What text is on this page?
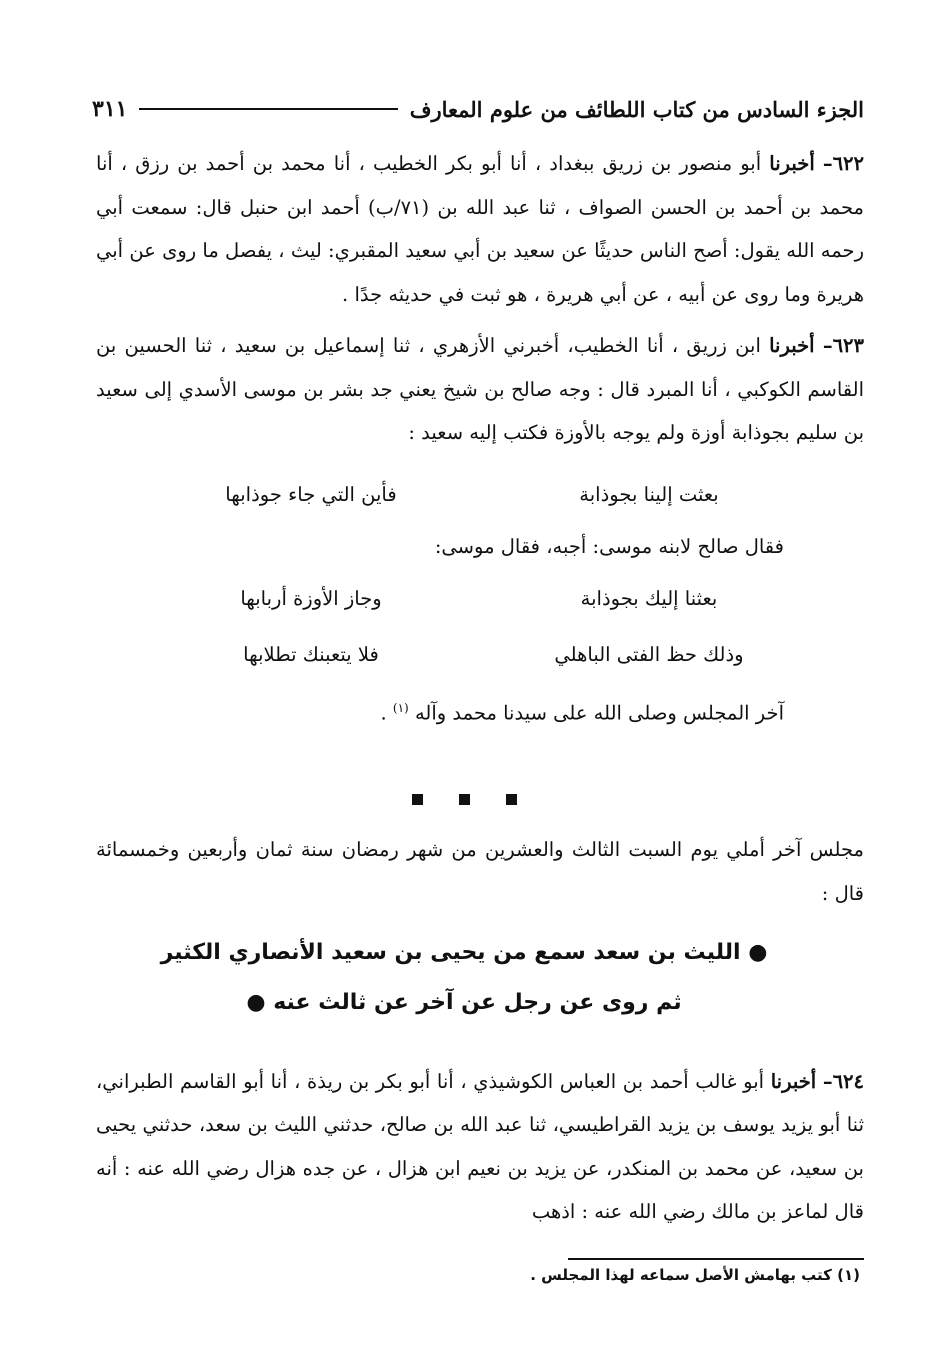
الجزء السادس من كتاب اللطائف من علوم المعارف
٣١١

٦٢٢– أخبرنا أبو منصور بن زريق ببغداد ، أنا أبو بكر الخطيب ، أنا محمد بن أحمد بن رزق ، أنا محمد بن أحمد بن الحسن الصواف ، ثنا عبد الله بن (٧١/ب) أحمد ابن حنبل قال: سمعت أبي رحمه الله يقول: أصح الناس حديثًا عن سعيد بن أبي سعيد المقبري: ليث ، يفصل ما روى عن أبي هريرة وما روى عن أبيه ، عن أبي هريرة ، هو ثبت في حديثه جدًا .

٦٢٣– أخبرنا ابن زريق ، أنا الخطيب، أخبرني الأزهري ، ثنا إسماعيل بن سعيد ، ثنا الحسين بن القاسم الكوكبي ، أنا المبرد قال : وجه صالح بن شيخ يعني جد بشر بن موسى الأسدي إلى سعيد بن سليم بجوذابة أوزة ولم يوجه بالأوزة فكتب إليه سعيد :

بعثت إلينا بجوذابة
فأين التي جاء جوذابها
فقال صالح لابنه موسى: أجبه، فقال موسى:
بعثنا إليك بجوذابة
وجاز الأوزة أربابها
وذلك حظ الفتى الباهلي
فلا يتعبنك تطلابها
آخر المجلس وصلى الله على سيدنا محمد وآله $^{(١)}$ .
مجلس آخر أملي يوم السبت الثالث والعشرين من شهر رمضان سنة ثمان وأربعين وخمسمائة قال :
● الليث بن سعد سمع من يحيى بن سعيد الأنصاري الكثير
ثم روى عن رجل عن آخر عن ثالث عنه ●

٦٢٤– أخبرنا أبو غالب أحمد بن العباس الكوشيذي ، أنا أبو بكر بن ريذة ، أنا أبو القاسم الطبراني، ثنا أبو يزيد يوسف بن يزيد القراطيسي، ثنا عبد الله بن صالح، حدثني الليث بن سعد، حدثني يحيى بن سعيد، عن محمد بن المنكدر، عن يزيد بن نعيم ابن هزال ، عن جده هزال رضي الله عنه : أنه قال لماعز بن مالك رضي الله عنه : اذهب

(١) كتب بهامش الأصل سماعه لهذا المجلس .
